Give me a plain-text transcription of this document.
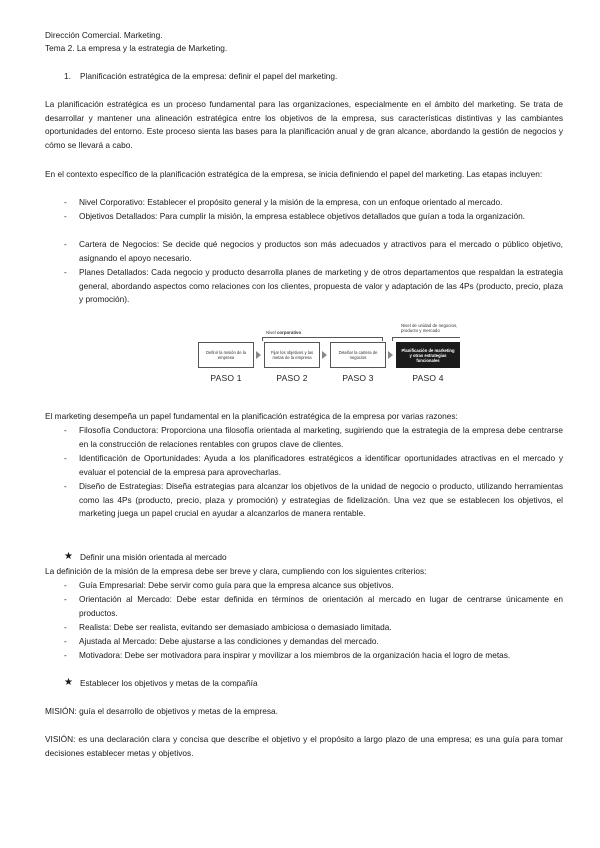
Dirección Comercial. Marketing.
Tema 2. La empresa y la estrategia de Marketing.
1. Planificación estratégica de la empresa: definir el papel del marketing.
La planificación estratégica es un proceso fundamental para las organizaciones, especialmente en el ámbito del marketing. Se trata de desarrollar y mantener una alineación estratégica entre los objetivos de la empresa, sus características distintivas y las cambiantes oportunidades del entorno. Este proceso sienta las bases para la planificación anual y de gran alcance, abordando la gestión de negocios y cómo se llevará a cabo.
En el contexto específico de la planificación estratégica de la empresa, se inicia definiendo el papel del marketing. Las etapas incluyen:
- Nivel Corporativo: Establecer el propósito general y la misión de la empresa, con un enfoque orientado al mercado.
- Objetivos Detallados: Para cumplir la misión, la empresa establece objetivos detallados que guían a toda la organización.
- Cartera de Negocios: Se decide qué negocios y productos son más adecuados y atractivos para el mercado o público objetivo, asignando el apoyo necesario.
- Planes Detallados: Cada negocio y producto desarrolla planes de marketing y de otros departamentos que respaldan la estrategia general, abordando aspectos como relaciones con los clientes, propuesta de valor y adaptación de las 4Ps (producto, precio, plaza y promoción).
Nivel corporativo
Nivel de unidad de negocios, producto y mercado
Definir la misión de la empresa
Fijar los objetivos y las metas de la empresa
Diseñar la cartera de negocios
Planificación de marketing y otras estrategias funcionales
PASO 1	PASO 2	PASO 3	PASO 4
El marketing desempeña un papel fundamental en la planificación estratégica de la empresa por varias razones:
- Filosofía Conductora: Proporciona una filosofía orientada al marketing, sugiriendo que la estrategia de la empresa debe centrarse en la construcción de relaciones rentables con grupos clave de clientes.
- Identificación de Oportunidades: Ayuda a los planificadores estratégicos a identificar oportunidades atractivas en el mercado y evaluar el potencial de la empresa para aprovecharlas.
- Diseño de Estrategias: Diseña estrategias para alcanzar los objetivos de la unidad de negocio o producto, utilizando herramientas como las 4Ps (producto, precio, plaza y promoción) y estrategias de fidelización. Una vez que se establecen los objetivos, el marketing juega un papel crucial en ayudar a alcanzarlos de manera rentable.
★ Definir una misión orientada al mercado
La definición de la misión de la empresa debe ser breve y clara, cumpliendo con los siguientes criterios:
- Guía Empresarial: Debe servir como guía para que la empresa alcance sus objetivos.
- Orientación al Mercado: Debe estar definida en términos de orientación al mercado en lugar de centrarse únicamente en productos.
- Realista: Debe ser realista, evitando ser demasiado ambiciosa o demasiado limitada.
- Ajustada al Mercado: Debe ajustarse a las condiciones y demandas del mercado.
- Motivadora: Debe ser motivadora para inspirar y movilizar a los miembros de la organización hacia el logro de metas.
★ Establecer los objetivos y metas de la compañía
MISIÓN: guía el desarrollo de objetivos y metas de la empresa.
VISIÓN: es una declaración clara y concisa que describe el objetivo y el propósito a largo plazo de una empresa; es una guía para tomar decisiones establecer metas y objetivos.
